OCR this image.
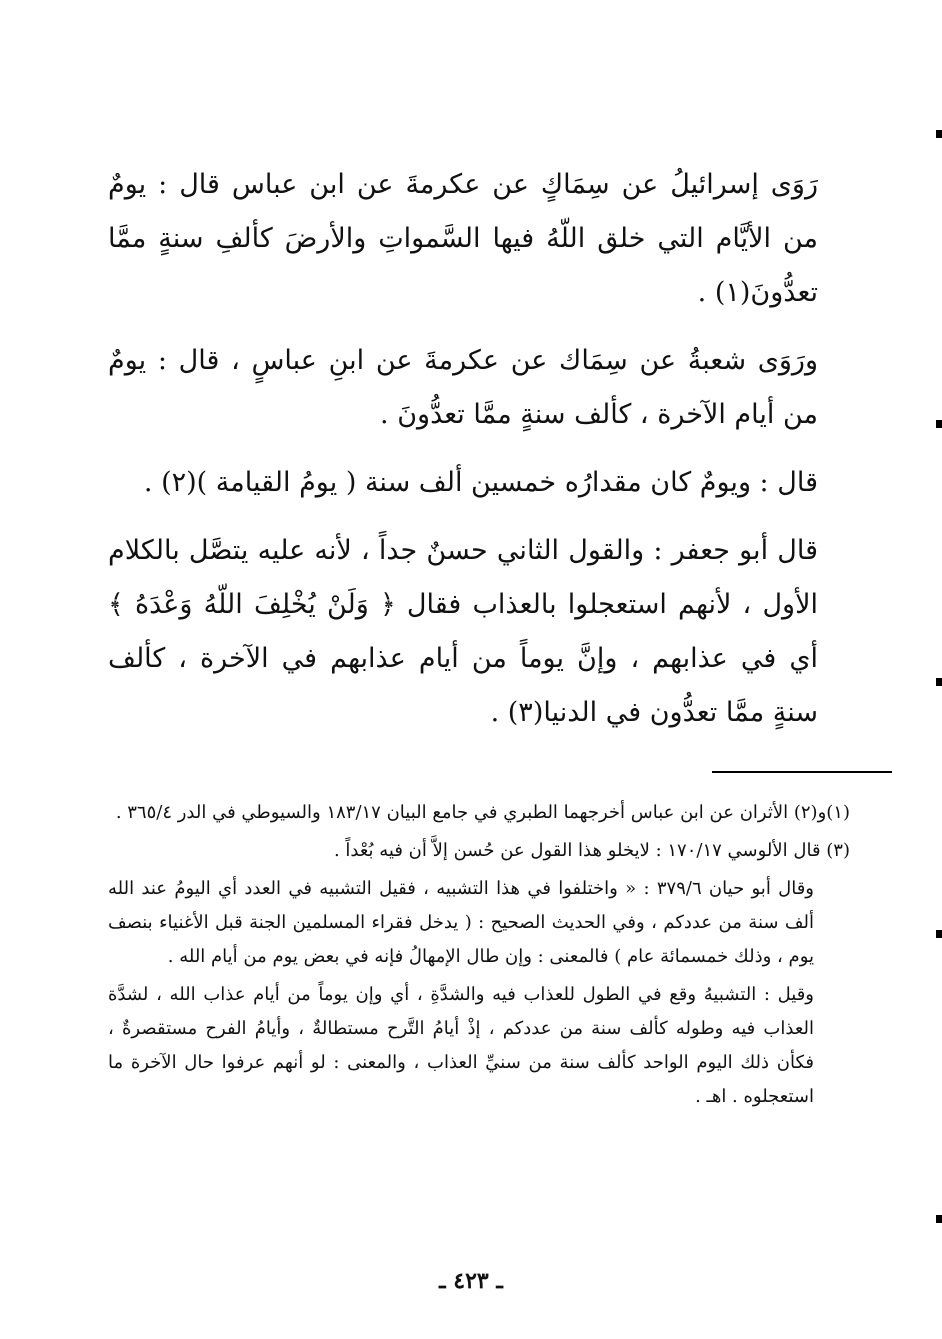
رَوَى إسرائيلُ عن سِمَاكٍ عن عكرمةَ عن ابن عباس قال : يومٌ من الأيَّام التي خلق اللّهُ فيها السَّمواتِ والأرضَ كألفِ سنةٍ ممَّا تعدُّونَ(١) .

ورَوَى شعبةُ عن سِمَاك عن عكرمةَ عن ابنِ عباسٍ ، قال : يومٌ من أيام الآخرة ، كألف سنةٍ ممَّا تعدُّونَ .

قال : ويومٌ كان مقدارُه خمسين ألف سنة ( يومُ القيامة )(٢) .

قال أبو جعفر : والقول الثاني حسنٌ جداً ، لأنه عليه يتصَّل بالكلام الأول ، لأنهم استعجلوا بالعذاب فقال ﴿ وَلَنْ يُخْلِفَ اللّهُ وَعْدَهُ ﴾ أي في عذابهم ، وإنَّ يوماً من أيام عذابهم في الآخرة ، كألف سنةٍ ممَّا تعدُّون في الدنيا(٣) .

(١)و(٢) الأثران عن ابن عباس أخرجهما الطبري في جامع البيان ١٨٣/١٧ والسيوطي في الدر ٣٦٥/٤ .

(٣) قال الألوسي ١٧٠/١٧ : لايخلو هذا القول عن حُسن إلاَّ أن فيه بُعْداً .

وقال أبو حيان ٣٧٩/٦ : « واختلفوا في هذا التشبيه ، فقيل التشبيه في العدد أي اليومُ عند الله ألف سنة من عددكم ، وفي الحديث الصحيح : ( يدخل فقراء المسلمين الجنة قبل الأغنياء بنصف يوم ، وذلك خمسمائة عام ) فالمعنى : وإن طال الإمهالُ فإنه في بعض يوم من أيام الله .

وقيل : التشبيهُ وقع في الطول للعذاب فيه والشدَّةِ ، أي وإن يوماً من أيام عذاب الله ، لشدَّة العذاب فيه وطوله كألف سنة من عددكم ، إذْ أيامُ التَّرح مستطالةٌ ، وأيامُ الفرح مستقصرةٌ ، فكأن ذلك اليوم الواحد كألف سنة من سنيِّ العذاب ، والمعنى : لو أنهم عرفوا حال الآخرة ما استعجلوه . اهـ .

ـ ٤٢٣ ـ
